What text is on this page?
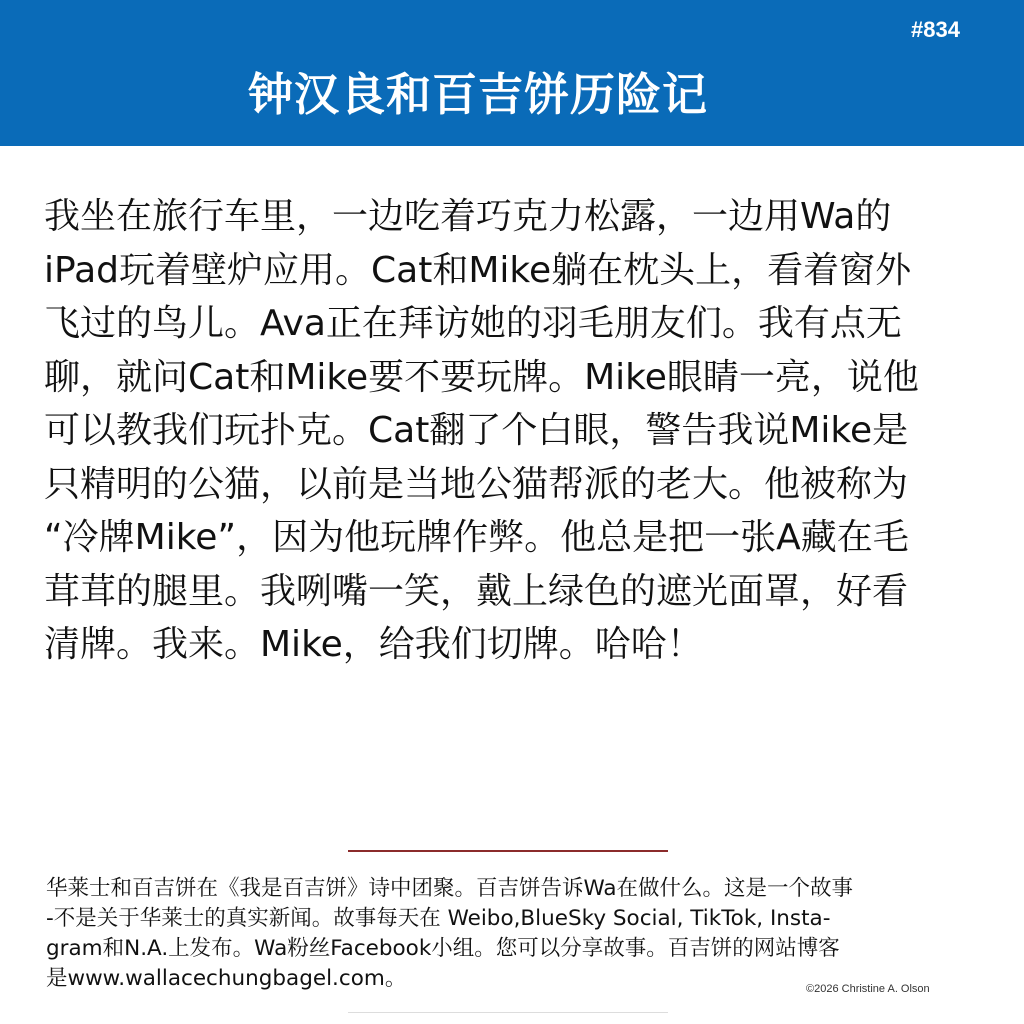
#834
钟汉良和百吉饼历险记
我坐在旅行车里，一边吃着巧克力松露，一边用Wa的
iPad玩着壁炉应用。Cat和Mike躺在枕头上，看着窗外
飞过的鸟儿。Ava正在拜访她的羽毛朋友们。我有点无
聊，就问Cat和Mike要不要玩牌。Mike眼睛一亮，说他
可以教我们玩扑克。Cat翻了个白眼，警告我说Mike是
只精明的公猫，以前是当地公猫帮派的老大。他被称为
“冷牌Mike”，因为他玩牌作弊。他总是把一张A藏在毛
茸茸的腿里。我咧嘴一笑，戴上绿色的遮光面罩，好看
清牌。我来。Mike，给我们切牌。哈哈！
华莱士和百吉饼在《我是百吉饼》诗中团聚。百吉饼告诉Wa在做什么。这是一个故事
-不是关于华莱士的真实新闻。故事每天在 Weibo,BlueSky Social, TikTok, Insta-
gram和N.A.上发布。Wa粉丝Facebook小组。您可以分享故事。百吉饼的网站博客
是www.wallacechungbagel.com。	©2026 Christine A. Olson
